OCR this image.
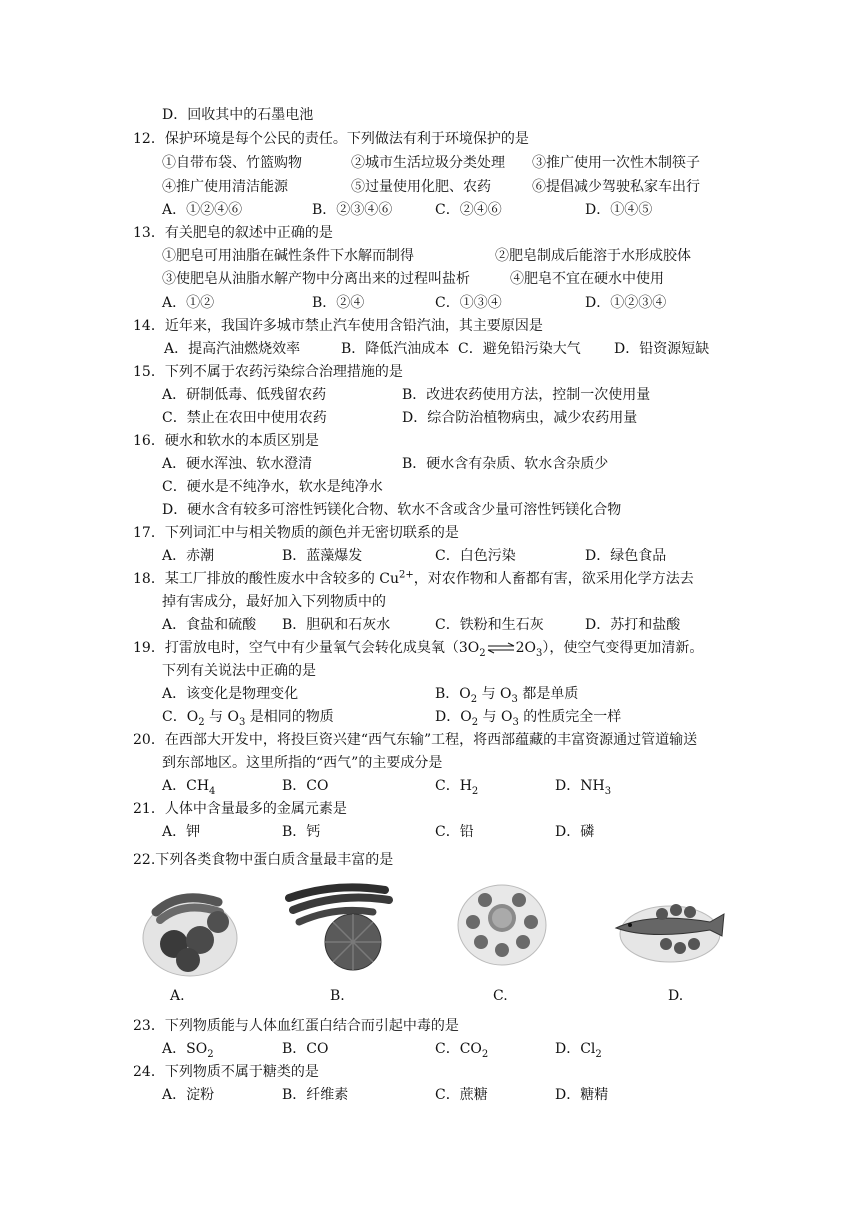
D．回收其中的石墨电池
12．保护环境是每个公民的责任。下列做法有利于环境保护的是
①自带布袋、竹篮购物	②城市生活垃圾分类处理 ③推广使用一次性木制筷子
④推广使用清洁能源	⑤过量使用化肥、农药	⑥提倡减少驾驶私家车出行
A．①②④⑥	B．②③④⑥	C．②④⑥	D．①④⑤
13．有关肥皂的叙述中正确的是
①肥皂可用油脂在碱性条件下水解而制得	②肥皂制成后能溶于水形成胶体
③使肥皂从油脂水解产物中分离出来的过程叫盐析	④肥皂不宜在硬水中使用
A．①②	B．②④	C．①③④	D．①②③④
14．近年来，我国许多城市禁止汽车使用含铅汽油，其主要原因是
A．提高汽油燃烧效率	B．降低汽油成本 C．避免铅污染大气 D．铅资源短缺
15．下列不属于农药污染综合治理措施的是
A．研制低毒、低残留农药	B．改进农药使用方法，控制一次使用量
C．禁止在农田中使用农药	D．综合防治植物病虫，减少农药用量
16．硬水和软水的本质区别是
A．硬水浑浊、软水澄清	B．硬水含有杂质、软水含杂质少
C．硬水是不纯净水，软水是纯净水
D．硬水含有较多可溶性钙镁化合物、软水不含或含少量可溶性钙镁化合物
17．下列词汇中与相关物质的颜色并无密切联系的是
A．赤潮	B．蓝藻爆发	C．白色污染	D．绿色食品
18．某工厂排放的酸性废水中含较多的 $Cu^{2+}$，对农作物和人畜都有害，欲采用化学方法去
掉有害成分，最好加入下列物质中的
A．食盐和硫酸 B．胆矾和石灰水	C．铁粉和生石灰	D．苏打和盐酸
19．打雷放电时，空气中有少量氧气会转化成臭氧$(3O_2\rightleftharpoons 2O_3)$，使空气变得更加清新。
下列有关说法中正确的是
A．该变化是物理变化	B．$O_2$ 与 $O_3$ 都是单质
C．$O_2$ 与 $O_3$ 是相同的物质	D．$O_2$ 与 $O_3$ 的性质完全一样
20．在西部大开发中，将投巨资兴建“西气东输”工程，将西部蕴藏的丰富资源通过管道输送
到东部地区。这里所指的“西气”的主要成分是
A．$CH_4$	B．CO	C．$H_2$	D．$NH_3$
21．人体中含量最多的金属元素是
A．钾	B．钙	C．铅	D．磷
22.下列各类食物中蛋白质含量最丰富的是
A.	B.	C.	D.
23．下列物质能与人体血红蛋白结合而引起中毒的是
A．$SO_2$	B．CO	C．$CO_2$	D．$Cl_2$
24．下列物质不属于糖类的是
A．淀粉	B．纤维素	C．蔗糖	D．糖精
